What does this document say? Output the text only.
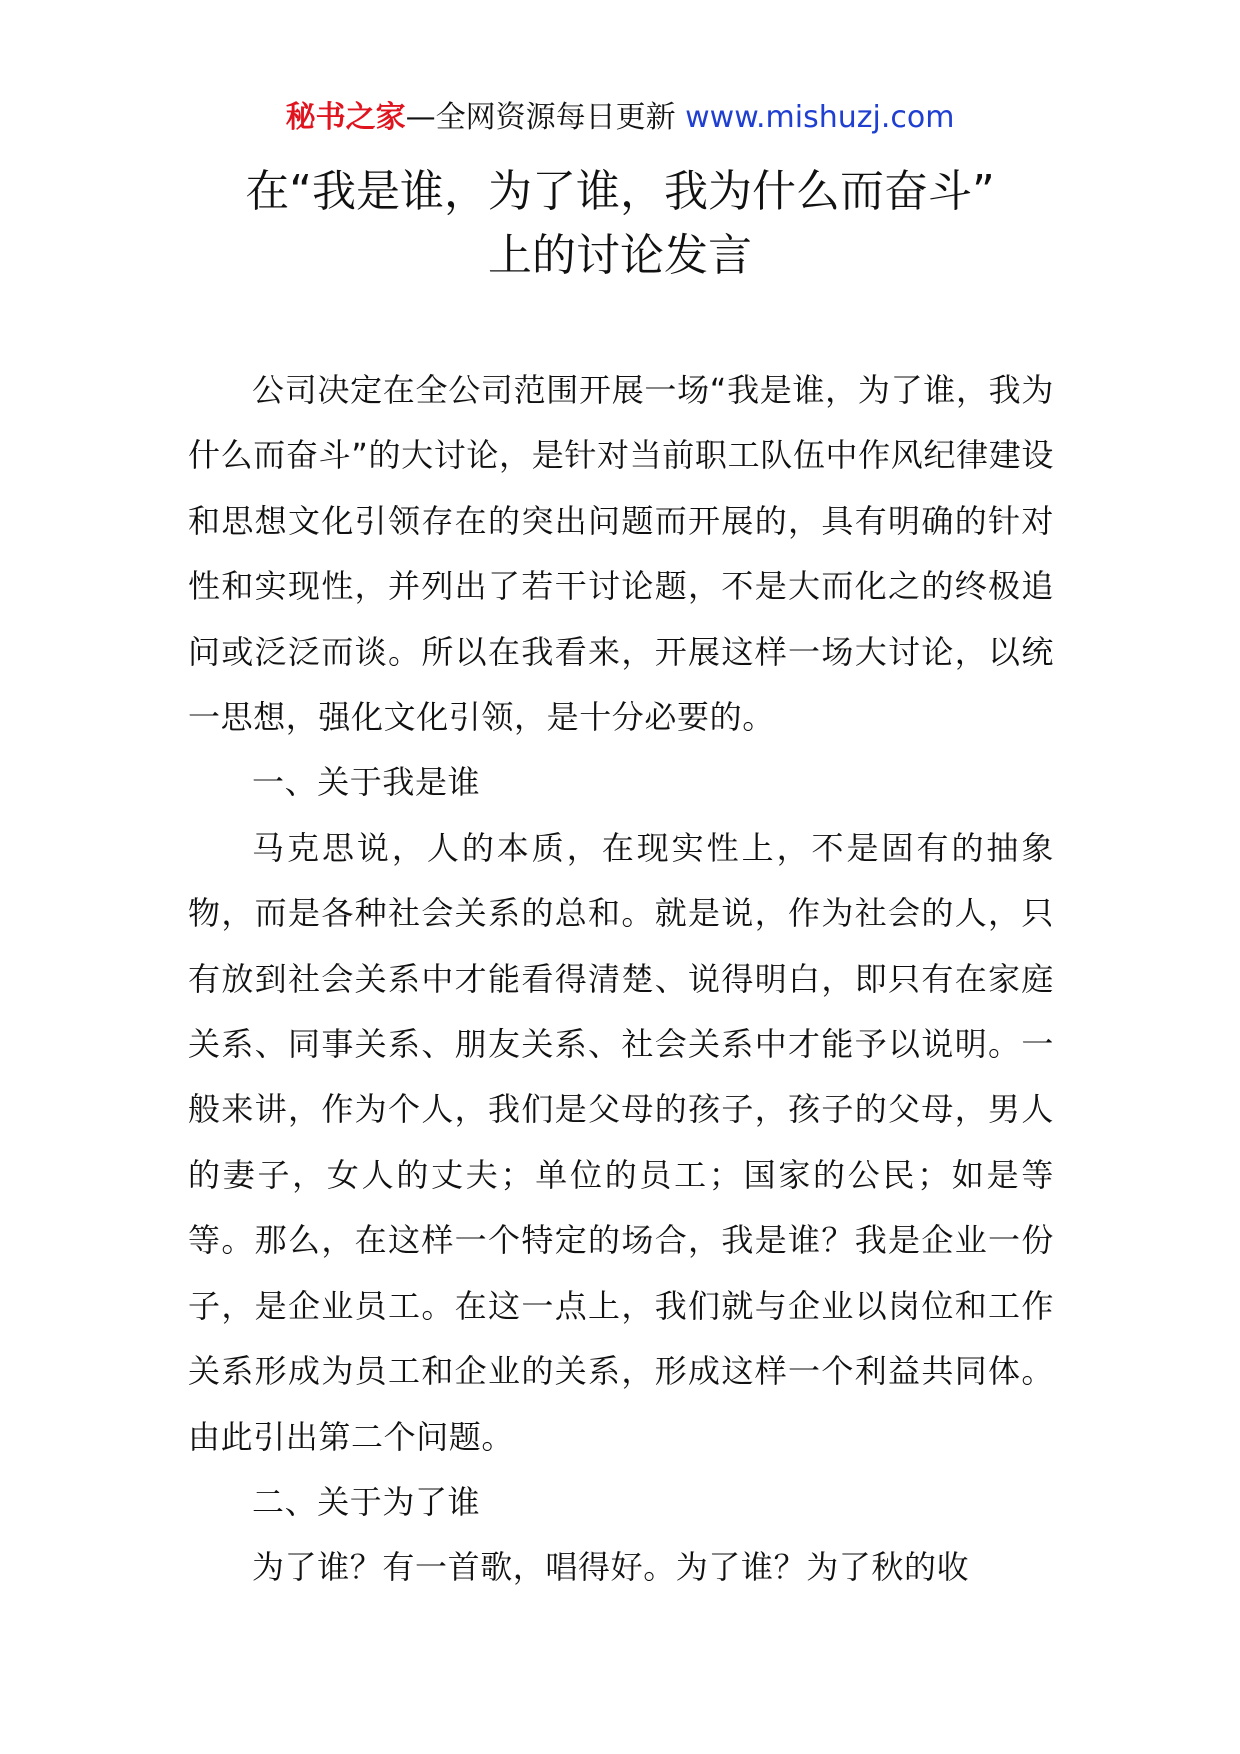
秘书之家—全网资源每日更新 www.mishuzj.com
在“我是谁，为了谁，我为什么而奋斗”
上的讨论发言

公司决定在全公司范围开展一场“我是谁，为了谁，我为什么而奋斗”的大讨论，是针对当前职工队伍中作风纪律建设和思想文化引领存在的突出问题而开展的，具有明确的针对性和实现性，并列出了若干讨论题，不是大而化之的终极追问或泛泛而谈。所以在我看来，开展这样一场大讨论，以统一思想，强化文化引领，是十分必要的。

一、关于我是谁

马克思说，人的本质，在现实性上，不是固有的抽象物，而是各种社会关系的总和。就是说，作为社会的人，只有放到社会关系中才能看得清楚、说得明白，即只有在家庭关系、同事关系、朋友关系、社会关系中才能予以说明。一般来讲，作为个人，我们是父母的孩子，孩子的父母，男人的妻子，女人的丈夫；单位的员工；国家的公民；如是等等。那么，在这样一个特定的场合，我是谁？我是企业一份子，是企业员工。在这一点上，我们就与企业以岗位和工作关系形成为员工和企业的关系，形成这样一个利益共同体。由此引出第二个问题。

二、关于为了谁

为了谁？有一首歌，唱得好。为了谁？为了秋的收
